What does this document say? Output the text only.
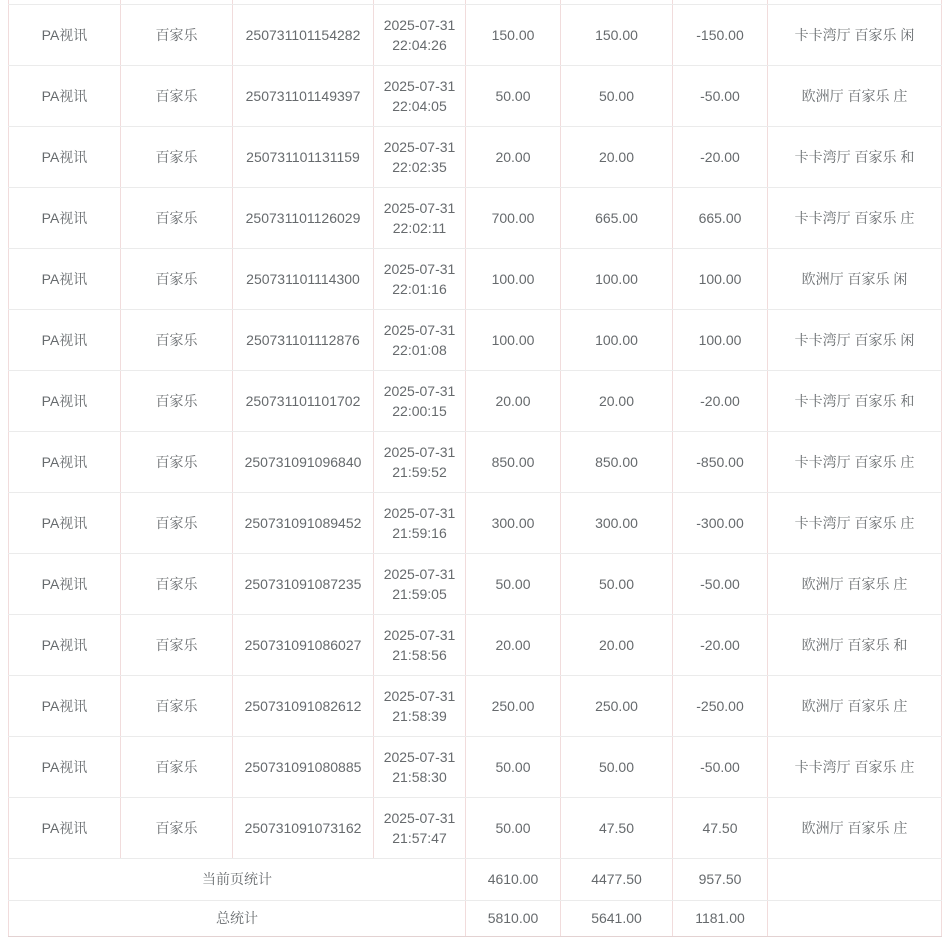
PA视讯	百家乐	250731101154282	2025-07-31 22:04:26	150.00	150.00	-150.00	卡卡湾厅 百家乐 闲
PA视讯	百家乐	250731101149397	2025-07-31 22:04:05	50.00	50.00	-50.00	欧洲厅 百家乐 庄
PA视讯	百家乐	250731101131159	2025-07-31 22:02:35	20.00	20.00	-20.00	卡卡湾厅 百家乐 和
PA视讯	百家乐	250731101126029	2025-07-31 22:02:11	700.00	665.00	665.00	卡卡湾厅 百家乐 庄
PA视讯	百家乐	250731101114300	2025-07-31 22:01:16	100.00	100.00	100.00	欧洲厅 百家乐 闲
PA视讯	百家乐	250731101112876	2025-07-31 22:01:08	100.00	100.00	100.00	卡卡湾厅 百家乐 闲
PA视讯	百家乐	250731101101702	2025-07-31 22:00:15	20.00	20.00	-20.00	卡卡湾厅 百家乐 和
PA视讯	百家乐	250731091096840	2025-07-31 21:59:52	850.00	850.00	-850.00	卡卡湾厅 百家乐 庄
PA视讯	百家乐	250731091089452	2025-07-31 21:59:16	300.00	300.00	-300.00	卡卡湾厅 百家乐 庄
PA视讯	百家乐	250731091087235	2025-07-31 21:59:05	50.00	50.00	-50.00	欧洲厅 百家乐 庄
PA视讯	百家乐	250731091086027	2025-07-31 21:58:56	20.00	20.00	-20.00	欧洲厅 百家乐 和
PA视讯	百家乐	250731091082612	2025-07-31 21:58:39	250.00	250.00	-250.00	欧洲厅 百家乐 庄
PA视讯	百家乐	250731091080885	2025-07-31 21:58:30	50.00	50.00	-50.00	卡卡湾厅 百家乐 庄
PA视讯	百家乐	250731091073162	2025-07-31 21:57:47	50.00	47.50	47.50	欧洲厅 百家乐 庄
当前页统计				4610.00	4477.50	957.50	
总统计				5810.00	5641.00	1181.00	
